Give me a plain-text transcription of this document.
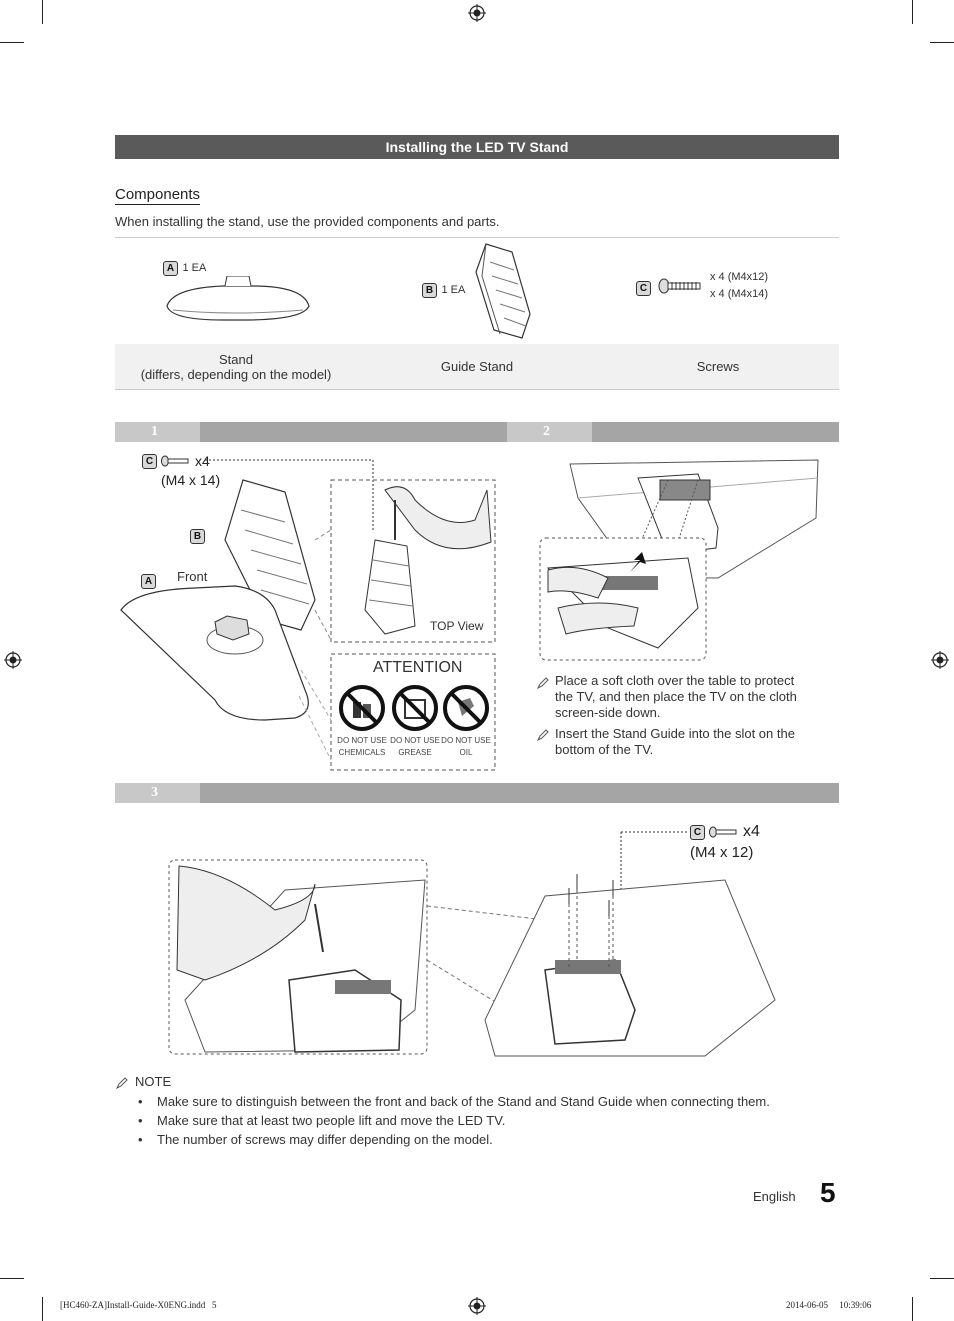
Installing the LED TV Stand
Components
When installing the stand, use the provided components and parts.
A 1 EA
B 1 EA	C
x 4 (M4x12)
x 4 (M4x14)
Stand
(differs, depending on the model)	Guide Stand	Screws
1	2
C	x4
(M4 x 14)
B
A Front
TOP View
ATTENTION
DO NOT USE
CHEMICALS
DO NOT USE
GREASE
DO NOT USE
OIL
Place a soft cloth over the table to protect
the TV, and then place the TV on the cloth
screen-side down.
Insert the Stand Guide into the slot on the
bottom of the TV.
3
C	x4
(M4 x 12)
NOTE
• Make sure to distinguish between the front and back of the Stand and Stand Guide when connecting them.
• Make sure that at least two people lift and move the LED TV.
• The number of screws may differ depending on the model.
English 5
[HC460-ZA]Install-Guide-X0ENG.indd   5	2014-06-05     10:39:06
